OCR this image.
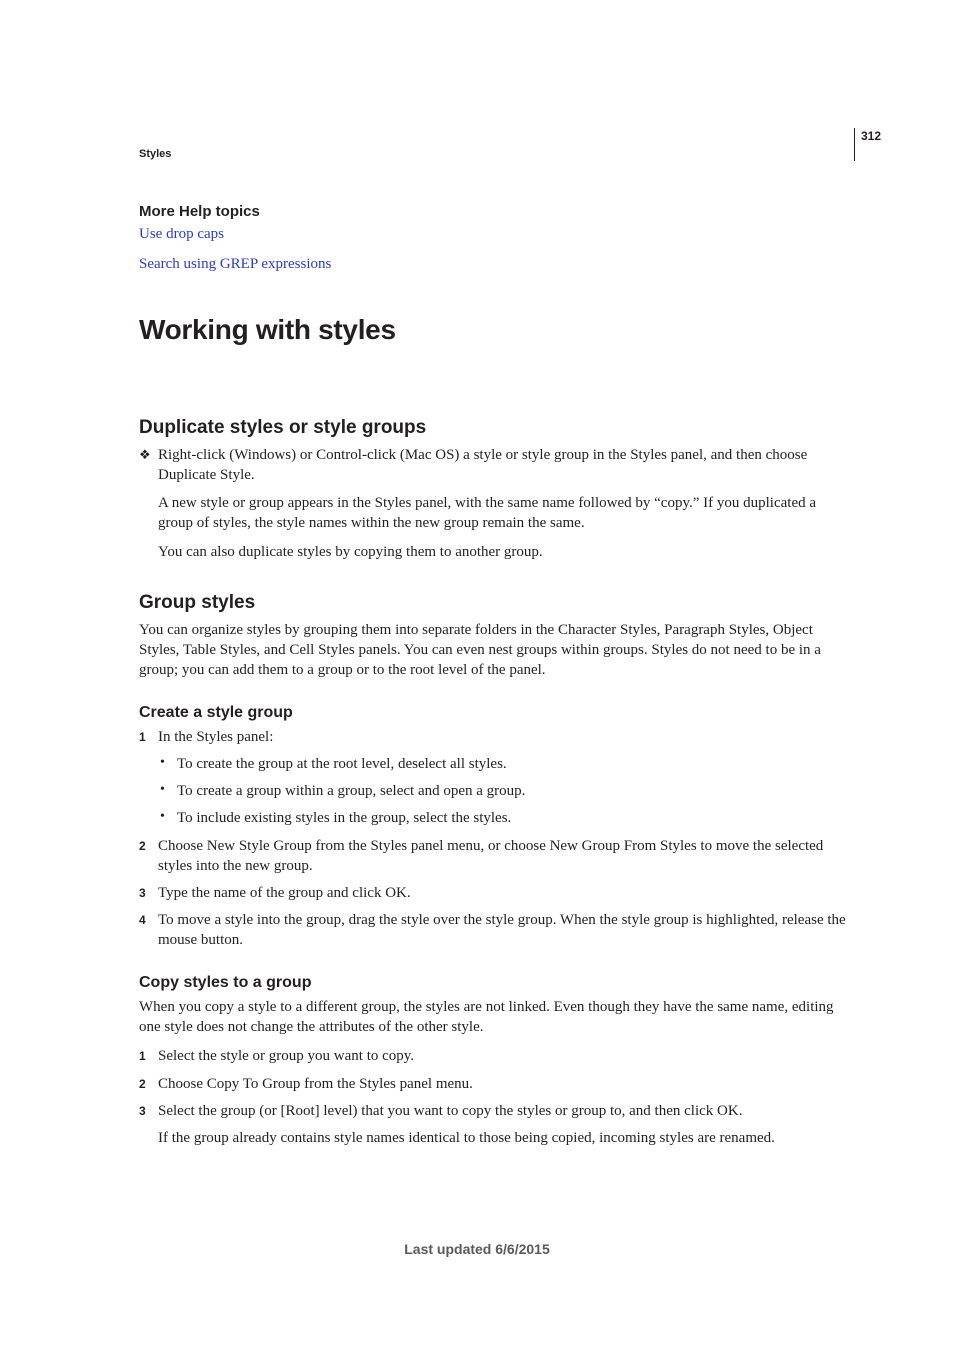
312
Styles
More Help topics
Use drop caps
Search using GREP expressions
Working with styles
Duplicate styles or style groups
❖ Right-click (Windows) or Control-click (Mac OS) a style or style group in the Styles panel, and then choose Duplicate Style.

A new style or group appears in the Styles panel, with the same name followed by “copy.” If you duplicated a group of styles, the style names within the new group remain the same.

You can also duplicate styles by copying them to another group.

Group styles

You can organize styles by grouping them into separate folders in the Character Styles, Paragraph Styles, Object Styles, Table Styles, and Cell Styles panels. You can even nest groups within groups. Styles do not need to be in a group; you can add them to a group or to the root level of the panel.

Create a style group
1 In the Styles panel:

• To create the group at the root level, deselect all styles.

• To create a group within a group, select and open a group.

• To include existing styles in the group, select the styles.

2 Choose New Style Group from the Styles panel menu, or choose New Group From Styles to move the selected styles into the new group.

3 Type the name of the group and click OK.

4 To move a style into the group, drag the style over the style group. When the style group is highlighted, release the mouse button.

Copy styles to a group

When you copy a style to a different group, the styles are not linked. Even though they have the same name, editing one style does not change the attributes of the other style.

1 Select the style or group you want to copy.

2 Choose Copy To Group from the Styles panel menu.

3 Select the group (or [Root] level) that you want to copy the styles or group to, and then click OK.

If the group already contains style names identical to those being copied, incoming styles are renamed.

Last updated 6/6/2015
